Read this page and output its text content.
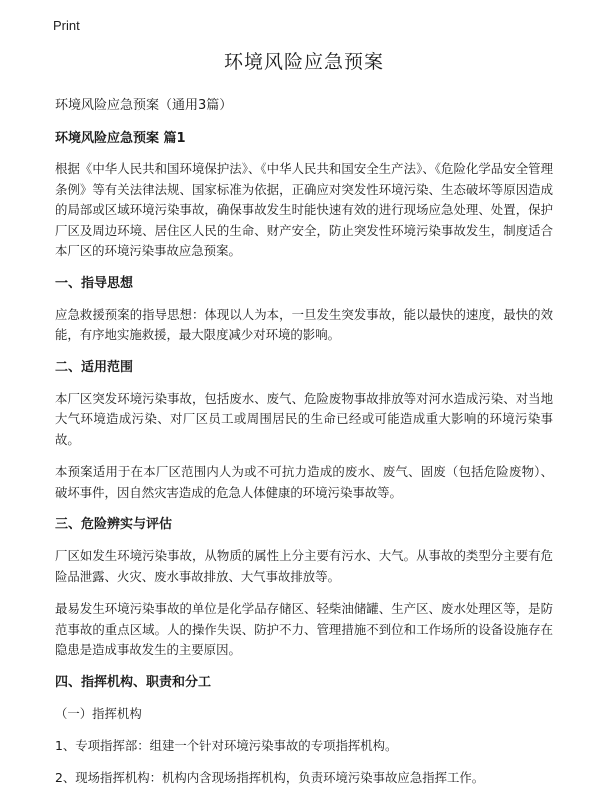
Print
环境风险应急预案

环境风险应急预案（通用3篇）

环境风险应急预案 篇1

根据《中华人民共和国环境保护法》、《中华人民共和国安全生产法》、《危险化学品安全管理条例》等有关法律法规、国家标准为依据，正确应对突发性环境污染、生态破坏等原因造成的局部或区域环境污染事故，确保事故发生时能快速有效的进行现场应急处理、处置，保护厂区及周边环境、居住区人民的生命、财产安全，防止突发性环境污染事故发生，制度适合本厂区的环境污染事故应急预案。

一、指导思想

应急救援预案的指导思想：体现以人为本，一旦发生突发事故，能以最快的速度，最快的效能，有序地实施救援，最大限度减少对环境的影响。

二、适用范围

本厂区突发环境污染事故，包括废水、废气、危险废物事故排放等对河水造成污染、对当地大气环境造成污染、对厂区员工或周围居民的生命已经或可能造成重大影响的环境污染事故。

本预案适用于在本厂区范围内人为或不可抗力造成的废水、废气、固废（包括危险废物）、破坏事件，因自然灾害造成的危急人体健康的环境污染事故等。

三、危险辨实与评估

厂区如发生环境污染事故，从物质的属性上分主要有污水、大气。从事故的类型分主要有危险品泄露、火灾、废水事故排放、大气事故排放等。

最易发生环境污染事故的单位是化学品存储区、轻柴油储罐、生产区、废水处理区等，是防范事故的重点区域。人的操作失误、防护不力、管理措施不到位和工作场所的设备设施存在隐患是造成事故发生的主要原因。

四、指挥机构、职责和分工

（一）指挥机构

1、专项指挥部：组建一个针对环境污染事故的专项指挥机构。

2、现场指挥机构：机构内含现场指挥机构，负责环境污染事故应急指挥工作。
